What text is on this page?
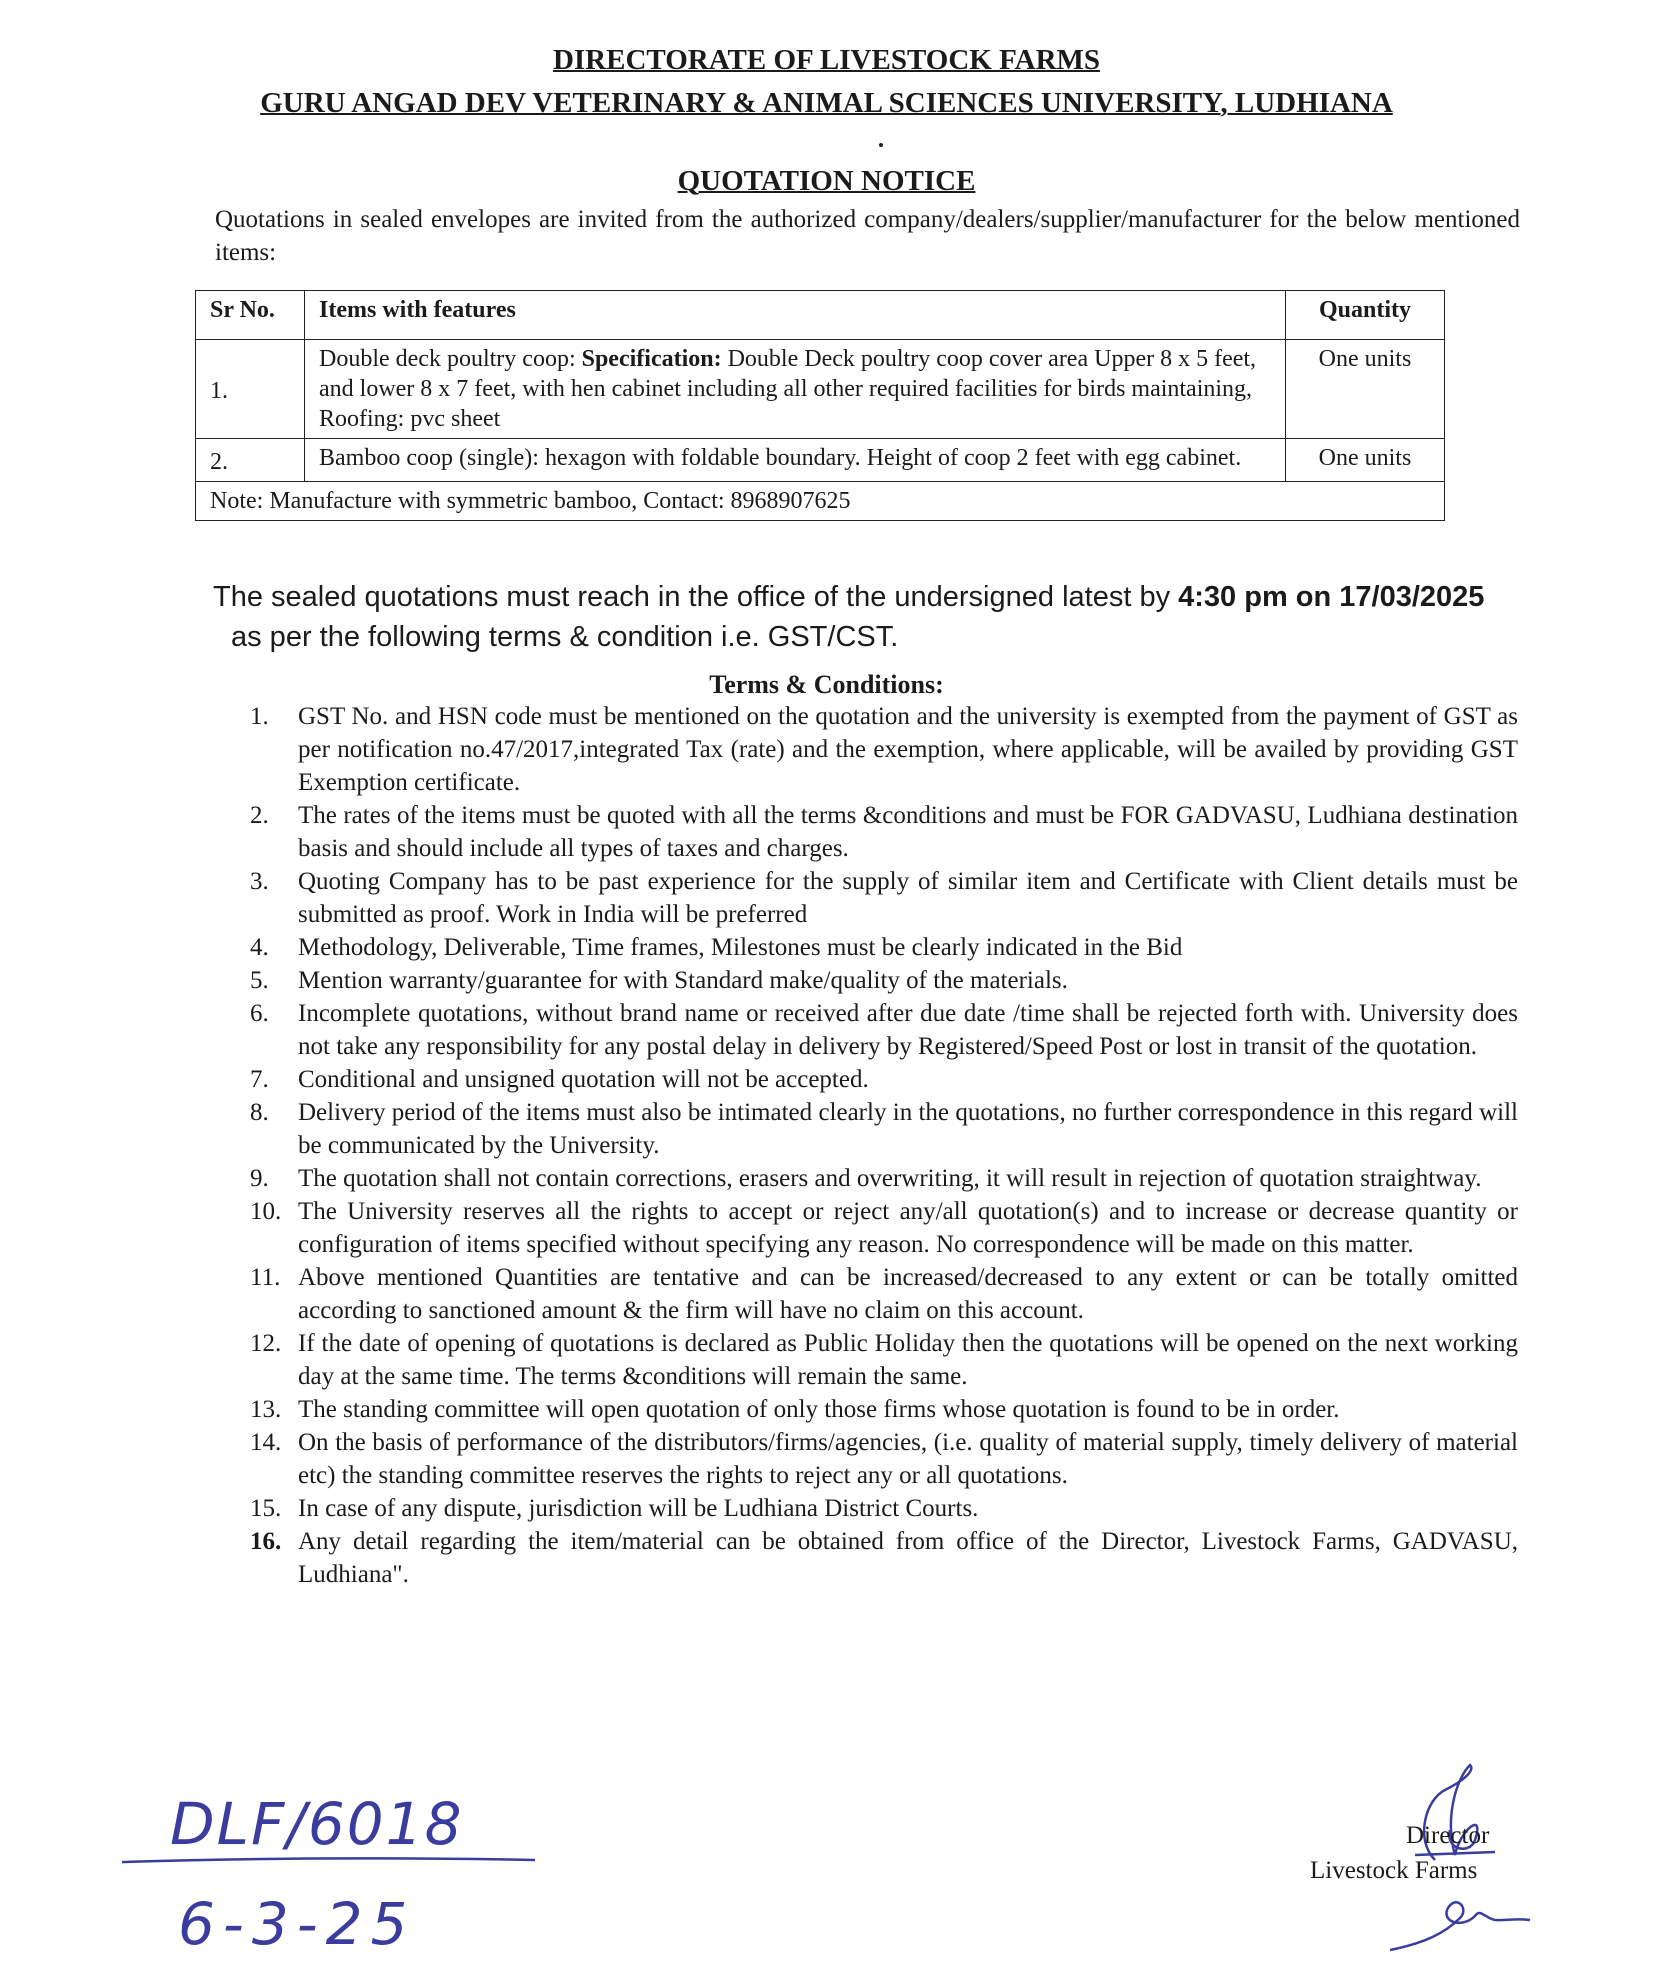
DIRECTORATE OF LIVESTOCK FARMS
GURU ANGAD DEV VETERINARY & ANIMAL SCIENCES UNIVERSITY, LUDHIANA
QUOTATION NOTICE
Quotations in sealed envelopes are invited from the authorized company/dealers/supplier/manufacturer for the below mentioned items:
Sr No.	Items with features	Quantity
1.	Double deck poultry coop: Specification: Double Deck poultry coop cover area Upper 8 x 5 feet, and lower 8 x 7 feet, with hen cabinet including all other required facilities for birds maintaining, Roofing: pvc sheet	One units
2.	Bamboo coop (single): hexagon with foldable boundary. Height of coop 2 feet with egg cabinet.	One units
Note: Manufacture with symmetric bamboo, Contact: 8968907625		
The sealed quotations must reach in the office of the undersigned latest by 4:30 pm on 17/03/2025
as per the following terms & condition i.e. GST/CST.
Terms & Conditions:
1.	GST No. and HSN code must be mentioned on the quotation and the university is exempted from the payment of GST as per notification no.47/2017,integrated Tax (rate) and the exemption, where applicable, will be availed by providing GST Exemption certificate.
2.	The rates of the items must be quoted with all the terms &conditions and must be FOR GADVASU, Ludhiana destination basis and should include all types of taxes and charges.
3.	Quoting Company has to be past experience for the supply of similar item and Certificate with Client details must be submitted as proof. Work in India will be preferred
4.	Methodology, Deliverable, Time frames, Milestones must be clearly indicated in the Bid
5.	Mention warranty/guarantee for with Standard make/quality of the materials.
6.	Incomplete quotations, without brand name or received after due date /time shall be rejected forth with. University does not take any responsibility for any postal delay in delivery by Registered/Speed Post or lost in transit of the quotation.
7.	Conditional and unsigned quotation will not be accepted.
8.	Delivery period of the items must also be intimated clearly in the quotations, no further correspondence in this regard will be communicated by the University.
9.	The quotation shall not contain corrections, erasers and overwriting, it will result in rejection of quotation straightway.
10. The University reserves all the rights to accept or reject any/all quotation(s) and to increase or decrease quantity or configuration of items specified without specifying any reason. No correspondence will be made on this matter.
11. Above mentioned Quantities are tentative and can be increased/decreased to any extent or can be totally omitted according to sanctioned amount & the firm will have no claim on this account.
12. If the date of opening of quotations is declared as Public Holiday then the quotations will be opened on the next working day at the same time. The terms &conditions will remain the same.
13. The standing committee will open quotation of only those firms whose quotation is found to be in order.
14. On the basis of performance of the distributors/firms/agencies, (i.e. quality of material supply, timely delivery of material etc) the standing committee reserves the rights to reject any or all quotations.
15. In case of any dispute, jurisdiction will be Ludhiana District Courts.
16. Any detail regarding the item/material can be obtained from office of the Director, Livestock Farms, GADVASU, Ludhiana".
DLF/6018
6-3-25
Director
Livestock Farms
